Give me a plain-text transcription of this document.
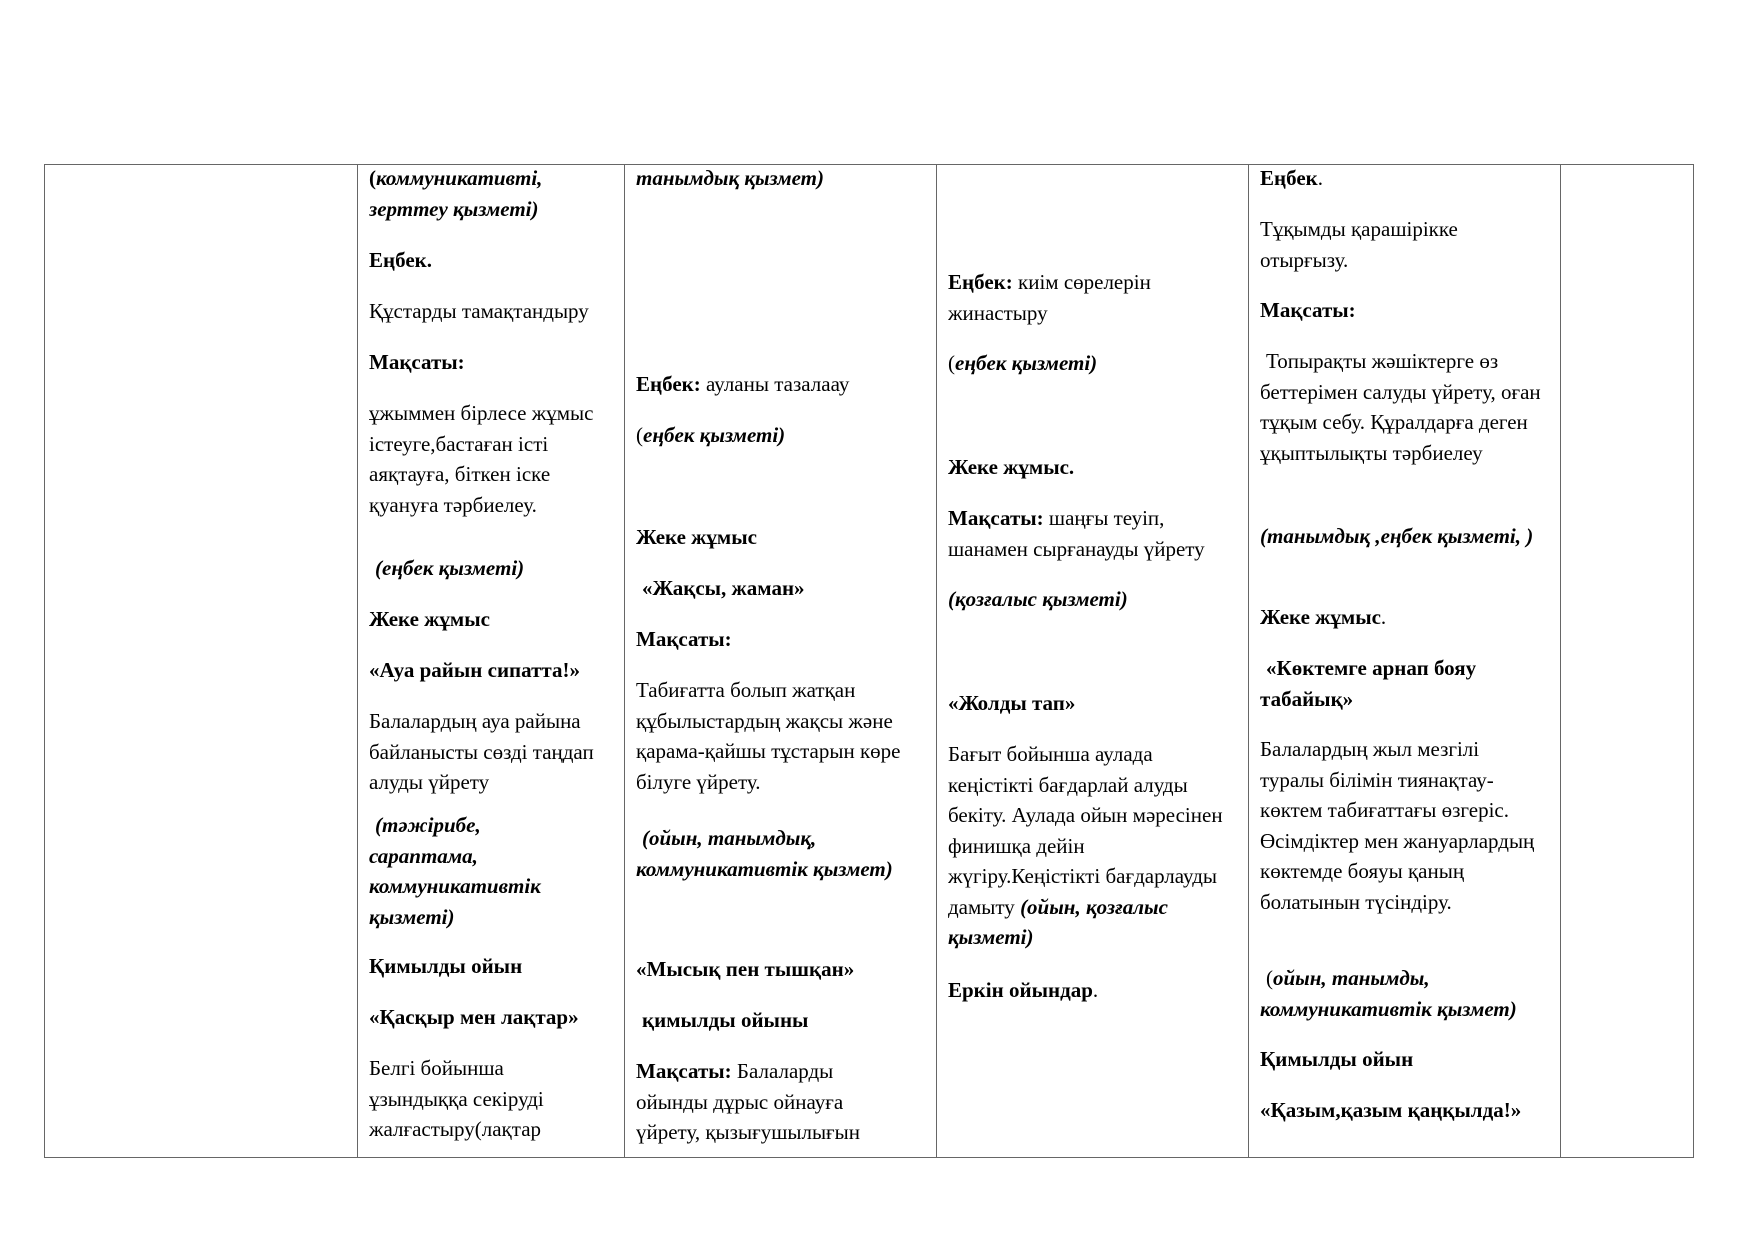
(коммуникативті, зерттеу қызметі)
Еңбек.
Құстарды тамақтандыру
Мақсаты:
ұжыммен бірлесе жұмыс істеуге,бастаған істі аяқтауға, біткен іске қуануға тәрбиелеу.
(еңбек қызметі)
Жеке жұмыс
«Ауа райын сипатта!»
Балалардың ауа райына байланысты сөзді таңдап алуды үйрету
(тәжірибе, сараптама, коммуникативтік қызметі)
Қимылды ойын
«Қасқыр мен лақтар»
Белгі бойынша ұзындыққа секіруді жалғастыру(лақтар
танымдық қызмет)
Еңбек: ауланы тазалаау
(еңбек қызметі)
Жеке жұмыс
«Жақсы, жаман»
Мақсаты:
Табиғатта болып жатқан құбылыстардың жақсы және қарама-қайшы тұстарын көре білуге үйрету.
(ойын, танымдық, коммуникативтік қызмет)
«Мысық пен тышқан»
қимылды ойыны
Мақсаты: Балаларды ойынды дұрыс ойнауға үйрету, қызығушылығын
Еңбек: киім сөрелерін жинастыру
(еңбек қызметі)
Жеке жұмыс.
Мақсаты: шаңғы теуіп, шанамен сырғанауды үйрету
(қозғалыс қызметі)
«Жолды тап»
Бағыт бойынша аулада кеңістікті бағдарлай алуды бекіту. Аулада ойын мәресінен финишқа дейін жүгіру.Кеңістікті бағдарлауды дамыту (ойын, қозғалыс қызметі)
Еркін ойындар.
Еңбек.
Тұқымды қарашірікке отырғызу.
Мақсаты:
Топырақты жәшіктерге өз беттерімен салуды үйрету, оған тұқым себу. Құралдарға деген ұқыптылықты тәрбиелеу
(танымдық ,еңбек қызметі, )
Жеке жұмыс.
«Көктемге арнап бояу табайық»
Балалардың жыл мезгілі туралы білімін тиянақтау- көктем табиғаттағы өзгеріс. Өсімдіктер мен жануарлардың көктемде бояуы қаның болатынын түсіндіру.
(ойын, танымды, коммуникативтік қызмет)
Қимылды ойын
«Қазым,қазым қаңқылда!»
